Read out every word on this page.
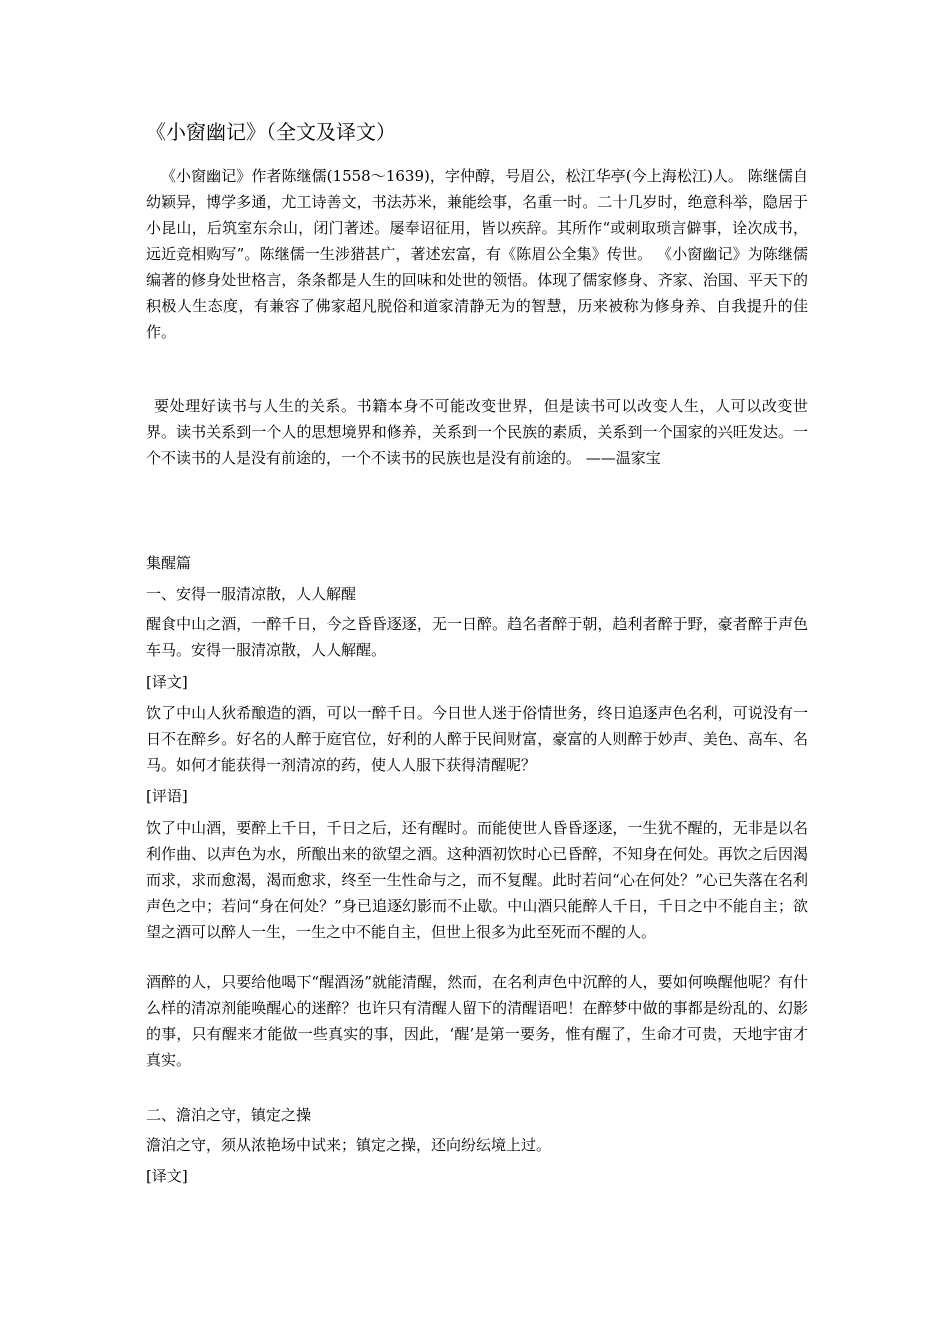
《小窗幽记》（全文及译文）
《小窗幽记》作者陈继儒(1558～1639)，字仲醇，号眉公，松江华亭(今上海松江)人。 陈继儒自幼颖异，博学多通，尤工诗善文，书法苏米，兼能绘事，名重一时。二十几岁时，绝意科举，隐居于小昆山，后筑室东佘山，闭门著述。屡奉诏征用，皆以疾辞。其所作“或刺取琐言僻事，诠次成书，远近竞相购写”。陈继儒一生涉猎甚广，著述宏富，有《陈眉公全集》传世。 《小窗幽记》为陈继儒编著的修身处世格言，条条都是人生的回味和处世的领悟。体现了儒家修身、齐家、治国、平天下的积极人生态度，有兼容了佛家超凡脱俗和道家清静无为的智慧，历来被称为修身养、自我提升的佳作。
要处理好读书与人生的关系。书籍本身不可能改变世界，但是读书可以改变人生，人可以改变世界。读书关系到一个人的思想境界和修养，关系到一个民族的素质，关系到一个国家的兴旺发达。一个不读书的人是没有前途的，一个不读书的民族也是没有前途的。 ——温家宝
集醒篇
一、安得一服清凉散，人人解醒
醒食中山之酒，一醉千日，今之昏昏逐逐，无一日醉。趋名者醉于朝，趋利者醉于野，豪者醉于声色车马。安得一服清凉散，人人解醒。
[译文]
饮了中山人狄希酿造的酒，可以一醉千日。今日世人迷于俗情世务，终日追逐声色名利，可说没有一日不在醉乡。好名的人醉于庭官位，好利的人醉于民间财富，豪富的人则醉于妙声、美色、高车、名马。如何才能获得一剂清凉的药，使人人服下获得清醒呢？
[评语]
饮了中山酒，要醉上千日，千日之后，还有醒时。而能使世人昏昏逐逐，一生犹不醒的，无非是以名利作曲、以声色为水，所酿出来的欲望之酒。这种酒初饮时心已昏醉，不知身在何处。再饮之后因渴而求，求而愈渴，渴而愈求，终至一生性命与之，而不复醒。此时若问“心在何处？”心已失落在名利声色之中；若问“身在何处？”身已追逐幻影而不止歇。中山酒只能醉人千日，千日之中不能自主；欲望之酒可以醉人一生，一生之中不能自主，但世上很多为此至死而不醒的人。
酒醉的人，只要给他喝下“醒酒汤”就能清醒，然而，在名利声色中沉醉的人，要如何唤醒他呢？有什么样的清凉剂能唤醒心的迷醉？也许只有清醒人留下的清醒语吧！在醉梦中做的事都是纷乱的、幻影的事，只有醒来才能做一些真实的事，因此，‘醒’是第一要务，惟有醒了，生命才可贵，天地宇宙才真实。
二、澹泊之守，镇定之操
澹泊之守，须从浓艳场中试来；镇定之操，还向纷纭境上过。
[译文]
